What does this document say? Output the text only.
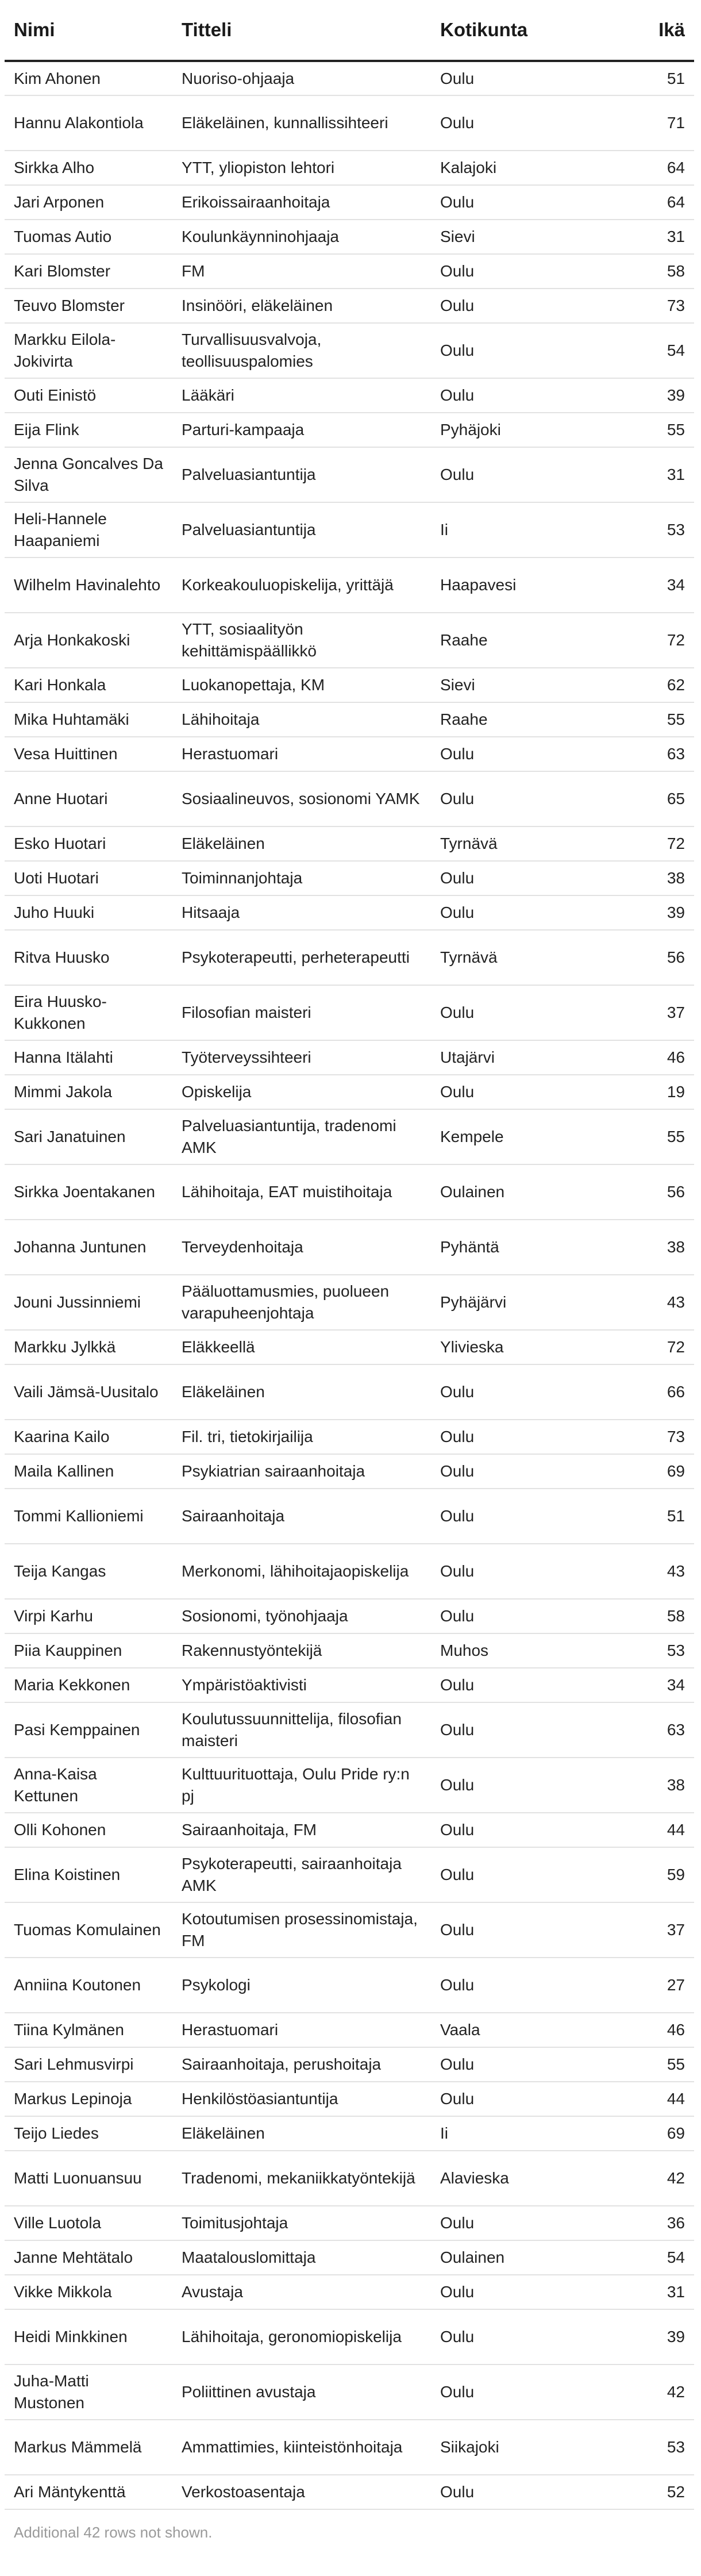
Nimi	Titteli	Kotikunta	Ikä
Kim Ahonen	Nuoriso-ohjaaja	Oulu	51
Hannu Alakontiola	Eläkeläinen, kunnallissihteeri	Oulu	71
Sirkka Alho	YTT, yliopiston lehtori	Kalajoki	64
Jari Arponen	Erikoissairaanhoitaja	Oulu	64
Tuomas Autio	Koulunkäynninohjaaja	Sievi	31
Kari Blomster	FM	Oulu	58
Teuvo Blomster	Insinööri, eläkeläinen	Oulu	73
Markku Eilola-Jokivirta	Turvallisuusvalvoja, teollisuuspalomies	Oulu	54
Outi Einistö	Lääkäri	Oulu	39
Eija Flink	Parturi-kampaaja	Pyhäjoki	55
Jenna Goncalves Da Silva	Palveluasiantuntija	Oulu	31
Heli-Hannele Haapaniemi	Palveluasiantuntija	Ii	53
Wilhelm Havinalehto	Korkeakouluopiskelija, yrittäjä	Haapavesi	34
Arja Honkakoski	YTT, sosiaalityön kehittämispäällikkö	Raahe	72
Kari Honkala	Luokanopettaja, KM	Sievi	62
Mika Huhtamäki	Lähihoitaja	Raahe	55
Vesa Huittinen	Herastuomari	Oulu	63
Anne Huotari	Sosiaalineuvos, sosionomi YAMK	Oulu	65
Esko Huotari	Eläkeläinen	Tyrnävä	72
Uoti Huotari	Toiminnanjohtaja	Oulu	38
Juho Huuki	Hitsaaja	Oulu	39
Ritva Huusko	Psykoterapeutti, perheterapeutti	Tyrnävä	56
Eira Huusko-Kukkonen	Filosofian maisteri	Oulu	37
Hanna Itälahti	Työterveyssihteeri	Utajärvi	46
Mimmi Jakola	Opiskelija	Oulu	19
Sari Janatuinen	Palveluasiantuntija, tradenomi AMK	Kempele	55
Sirkka Joentakanen	Lähihoitaja, EAT muistihoitaja	Oulainen	56
Johanna Juntunen	Terveydenhoitaja	Pyhäntä	38
Jouni Jussinniemi	Pääluottamusmies, puolueen varapuheenjohtaja	Pyhäjärvi	43
Markku Jylkkä	Eläkkeellä	Ylivieska	72
Vaili Jämsä-Uusitalo	Eläkeläinen	Oulu	66
Kaarina Kailo	Fil. tri, tietokirjailija	Oulu	73
Maila Kallinen	Psykiatrian sairaanhoitaja	Oulu	69
Tommi Kallioniemi	Sairaanhoitaja	Oulu	51
Teija Kangas	Merkonomi, lähihoitajaopiskelija	Oulu	43
Virpi Karhu	Sosionomi, työnohjaaja	Oulu	58
Piia Kauppinen	Rakennustyöntekijä	Muhos	53
Maria Kekkonen	Ympäristöaktivisti	Oulu	34
Pasi Kemppainen	Koulutussuunnittelija, filosofian maisteri	Oulu	63
Anna-Kaisa Kettunen	Kulttuurituottaja, Oulu Pride ry:n pj	Oulu	38
Olli Kohonen	Sairaanhoitaja, FM	Oulu	44
Elina Koistinen	Psykoterapeutti, sairaanhoitaja AMK	Oulu	59
Tuomas Komulainen	Kotoutumisen prosessinomistaja, FM	Oulu	37
Anniina Koutonen	Psykologi	Oulu	27
Tiina Kylmänen	Herastuomari	Vaala	46
Sari Lehmusvirpi	Sairaanhoitaja, perushoitaja	Oulu	55
Markus Lepinoja	Henkilöstöasiantuntija	Oulu	44
Teijo Liedes	Eläkeläinen	Ii	69
Matti Luonuansuu	Tradenomi, mekaniikkatyöntekijä	Alavieska	42
Ville Luotola	Toimitusjohtaja	Oulu	36
Janne Mehtätalo	Maatalouslomittaja	Oulainen	54
Vikke Mikkola	Avustaja	Oulu	31
Heidi Minkkinen	Lähihoitaja, geronomiopiskelija	Oulu	39
Juha-Matti Mustonen	Poliittinen avustaja	Oulu	42
Markus Mämmelä	Ammattimies, kiinteistönhoitaja	Siikajoki	53
Ari Mäntykenttä	Verkostoasentaja	Oulu	52
Additional 42 rows not shown.
